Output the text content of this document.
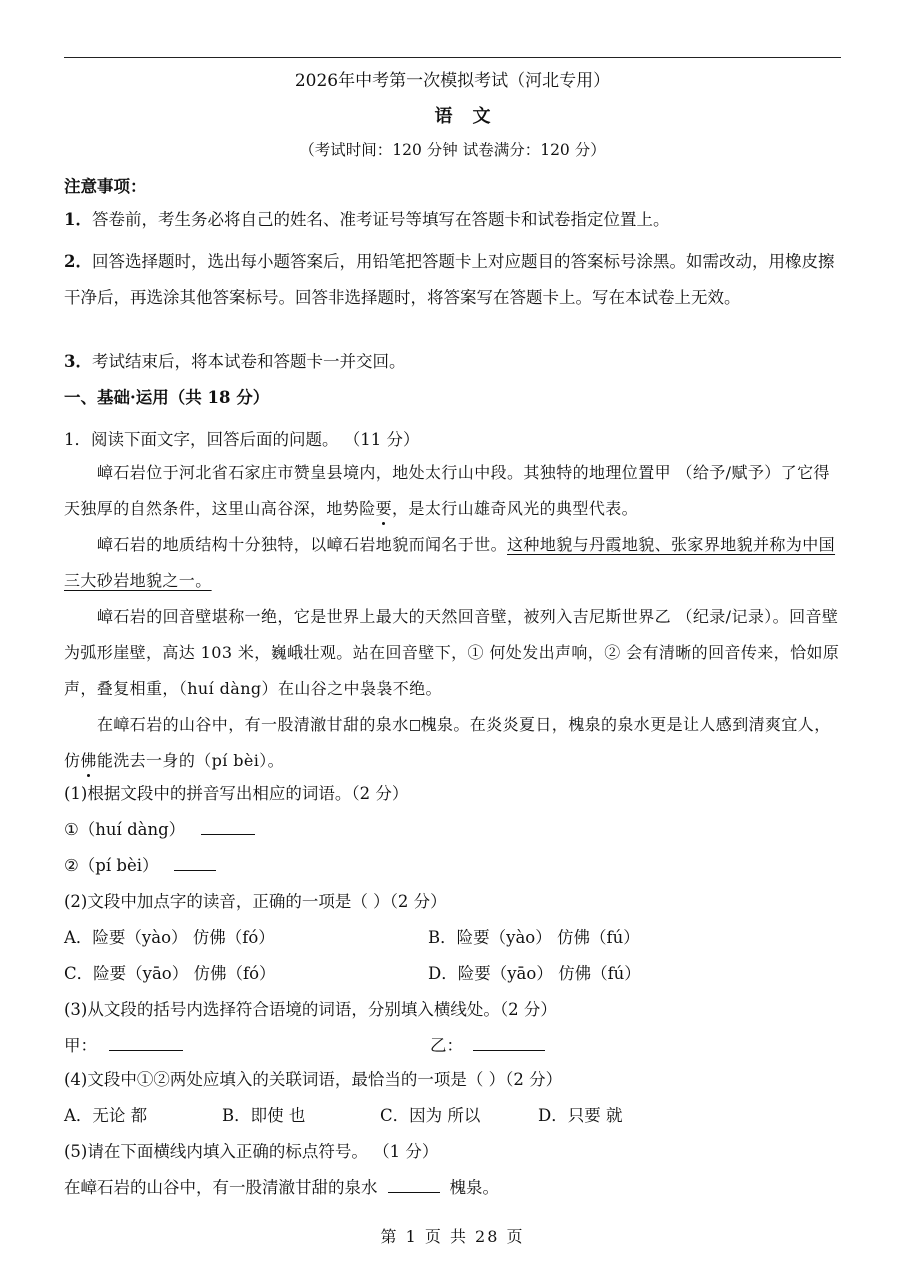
2026年中考第一次模拟考试（河北专用）
语文
（考试时间：120 分钟 试卷满分：120 分）
注意事项：
1．答卷前，考生务必将自己的姓名、准考证号等填写在答题卡和试卷指定位置上。
2．回答选择题时，选出每小题答案后，用铅笔把答题卡上对应题目的答案标号涂黑。如需改动，用橡皮擦干净后，再选涂其他答案标号。回答非选择题时，将答案写在答题卡上。写在本试卷上无效。
3．考试结束后，将本试卷和答题卡一并交回。
一、基础·运用（共 18 分）
1．阅读下面文字，回答后面的问题。 （11 分）
嶂石岩位于河北省石家庄市赞皇县境内，地处太行山中段。其独特的地理位置甲 （给予/赋予）了它得天独厚的自然条件，这里山高谷深，地势险要，是太行山雄奇风光的典型代表。
嶂石岩的地质结构十分独特，以嶂石岩地貌而闻名于世。这种地貌与丹霞地貌、张家界地貌并称为中国三大砂岩地貌之一。
嶂石岩的回音壁堪称一绝，它是世界上最大的天然回音壁，被列入吉尼斯世界乙 （纪录/记录）。回音壁为弧形崖壁，高达 103 米，巍峨壮观。站在回音壁下，① 何处发出声响，② 会有清晰的回音传来，恰如原声，叠复相重，（huí dàng）在山谷之中袅袅不绝。
在嶂石岩的山谷中，有一股清澈甘甜的泉水 槐泉。在炎炎夏日，槐泉的泉水更是让人感到清爽宜人，仿佛能洗去一身的（pí bèi）。
(1)根据文段中的拼音写出相应的词语。（2 分）
①（huí dàng）
②（pí bèi）
(2)文段中加点字的读音，正确的一项是（ ）（2 分）
A．险要（yào） 仿佛（fó）	B．险要（yào） 仿佛（fú）
C．险要（yāo） 仿佛（fó）	D．险要（yāo） 仿佛（fú）
(3)从文段的括号内选择符合语境的词语，分别填入横线处。（2 分）
甲：	乙：
(4)文段中①②两处应填入的关联词语，最恰当的一项是（ ）（2 分）
A．无论 都	B．即使 也	C．因为 所以	D．只要 就
(5)请在下面横线内填入正确的标点符号。 （1 分）
在嶂石岩的山谷中，有一股清澈甘甜的泉水	槐泉。
第 1 页 共 28 页
